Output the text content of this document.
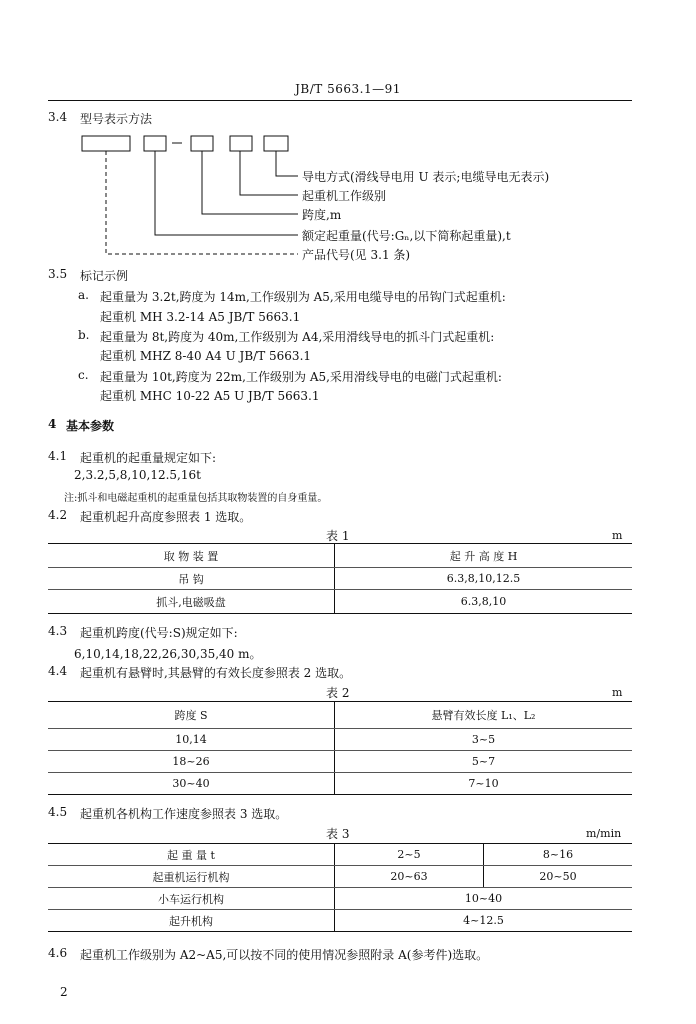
JB/T 5663.1—91
3.4 型号表示方法
导电方式(滑线导电用 U 表示;电缆导电无表示)
起重机工作级别
跨度,m
额定起重量(代号:Gₙ,以下简称起重量),t
产品代号(见 3.1 条)
3.5 标记示例
a. 起重量为 3.2t,跨度为 14m,工作级别为 A5,采用电缆导电的吊钩门式起重机:
起重机 MH 3.2-14 A5 JB/T 5663.1
b. 起重量为 8t,跨度为 40m,工作级别为 A4,采用滑线导电的抓斗门式起重机:
起重机 MHZ 8-40 A4 U JB/T 5663.1
c. 起重量为 10t,跨度为 22m,工作级别为 A5,采用滑线导电的电磁门式起重机:
起重机 MHC 10-22 A5 U JB/T 5663.1
4 基本参数
4.1 起重机的起重量规定如下:
2,3.2,5,8,10,12.5,16t
注:抓斗和电磁起重机的起重量包括其取物装置的自身重量。
4.2 起重机起升高度参照表 1 选取。
表 1	m
取 物 装 置	起 升 高 度 H
吊 钩	6.3,8,10,12.5
抓斗,电磁吸盘	6.3,8,10
4.3 起重机跨度(代号:S)规定如下:
6,10,14,18,22,26,30,35,40 m。
4.4 起重机有悬臂时,其悬臂的有效长度参照表 2 选取。
表 2	m
跨度 S	悬臂有效长度 L₁、L₂
10,14	3~5
18~26	5~7
30~40	7~10
4.5 起重机各机构工作速度参照表 3 选取。
表 3	m/min
起 重 量 t	2~5	8~16
起重机运行机构	20~63	20~50
小车运行机构	10~40	
起升机构	4~12.5	
4.6 起重机工作级别为 A2~A5,可以按不同的使用情况参照附录 A(参考件)选取。
2
